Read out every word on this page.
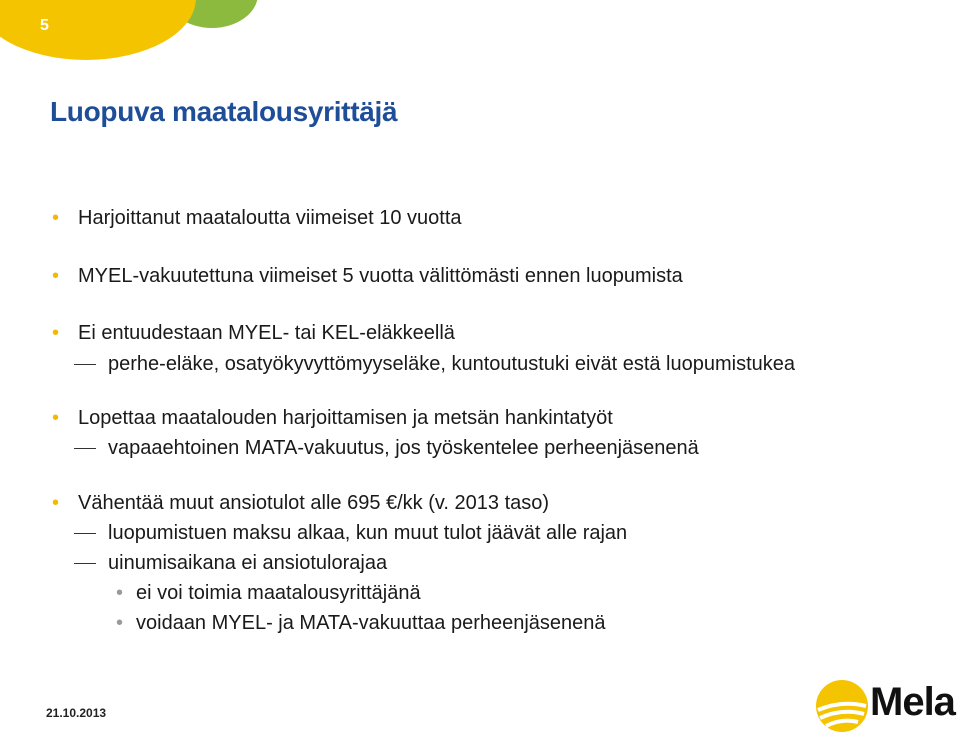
5
Luopuva maatalousyrittäjä
• Harjoittanut maataloutta viimeiset 10 vuotta
• MYEL-vakuutettuna viimeiset 5 vuotta välittömästi ennen luopumista
• Ei entuudestaan MYEL- tai KEL-eläkkeellä
perhe-eläke, osatyökyvyttömyyseläke, kuntoutustuki eivät estä luopumistukea
• Lopettaa maatalouden harjoittamisen ja metsän hankintatyöt
vapaaehtoinen MATA-vakuutus, jos työskentelee perheenjäsenenä
• Vähentää muut ansiotulot alle 695 €/kk (v. 2013 taso)
luopumistuen maksu alkaa, kun muut tulot jäävät alle rajan
uinumisaikana ei ansiotulorajaa
• ei voi toimia maatalousyrittäjänä
• voidaan MYEL- ja MATA-vakuuttaa perheenjäsenenä
21.10.2013	Mela
